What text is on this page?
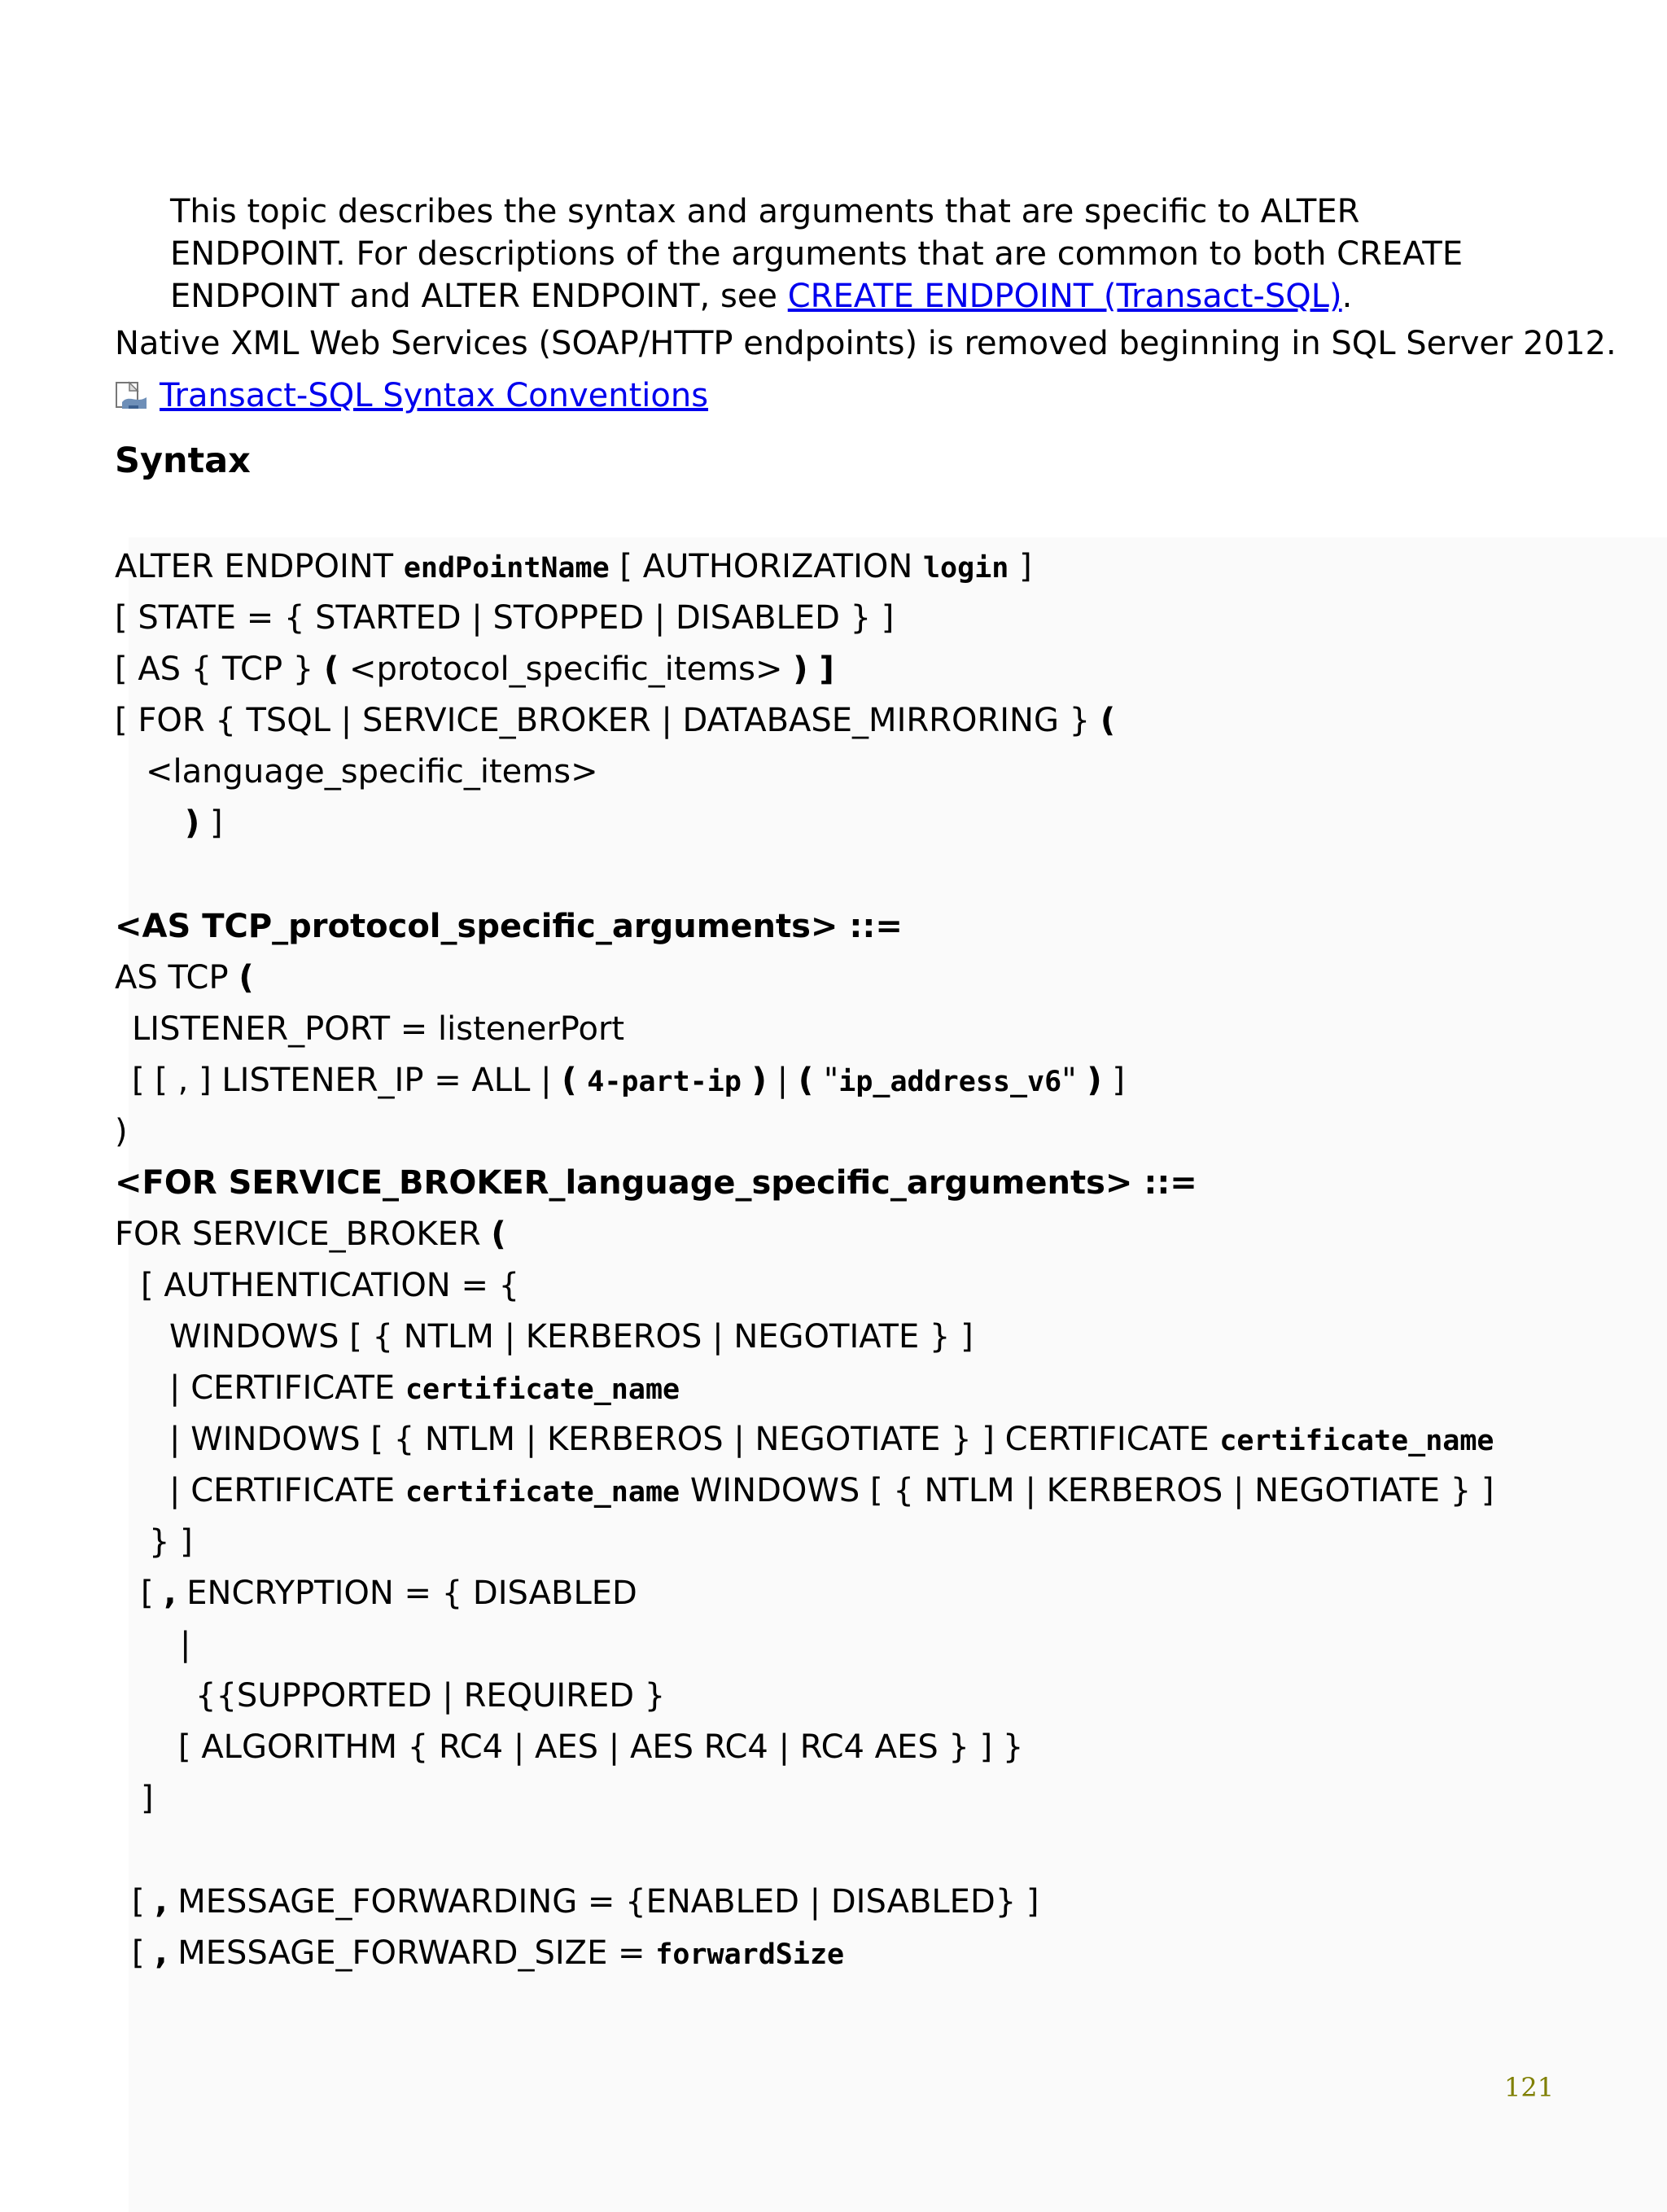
This topic describes the syntax and arguments that are specific to ALTER ENDPOINT. For descriptions of the arguments that are common to both CREATE ENDPOINT and ALTER ENDPOINT, see CREATE ENDPOINT (Transact-SQL).
Native XML Web Services (SOAP/HTTP endpoints) is removed beginning in SQL Server 2012.
Transact-SQL Syntax Conventions
Syntax
ALTER ENDPOINT endPointName [ AUTHORIZATION login ]
[ STATE = { STARTED | STOPPED | DISABLED } ]
[ AS { TCP } ( <protocol_specific_items> ) ]
[ FOR { TSQL | SERVICE_BROKER | DATABASE_MIRRORING } (
<language_specific_items>
) ]
<AS TCP_protocol_specific_arguments> ::=
AS TCP (
LISTENER_PORT = listenerPort
[ [ , ] LISTENER_IP = ALL | ( 4-part-ip ) | ( "ip_address_v6" ) ]
)
<FOR SERVICE_BROKER_language_specific_arguments> ::=
FOR SERVICE_BROKER (
[ AUTHENTICATION = {
WINDOWS [ { NTLM | KERBEROS | NEGOTIATE } ]
| CERTIFICATE certificate_name
| WINDOWS [ { NTLM | KERBEROS | NEGOTIATE } ] CERTIFICATE certificate_name
| CERTIFICATE certificate_name WINDOWS [ { NTLM | KERBEROS | NEGOTIATE } ]
} ]
[ , ENCRYPTION = { DISABLED
|
{{SUPPORTED | REQUIRED }
[ ALGORITHM { RC4 | AES | AES RC4 | RC4 AES } ] }
]
[ , MESSAGE_FORWARDING = {ENABLED | DISABLED} ]
[ , MESSAGE_FORWARD_SIZE = forwardSize
121
